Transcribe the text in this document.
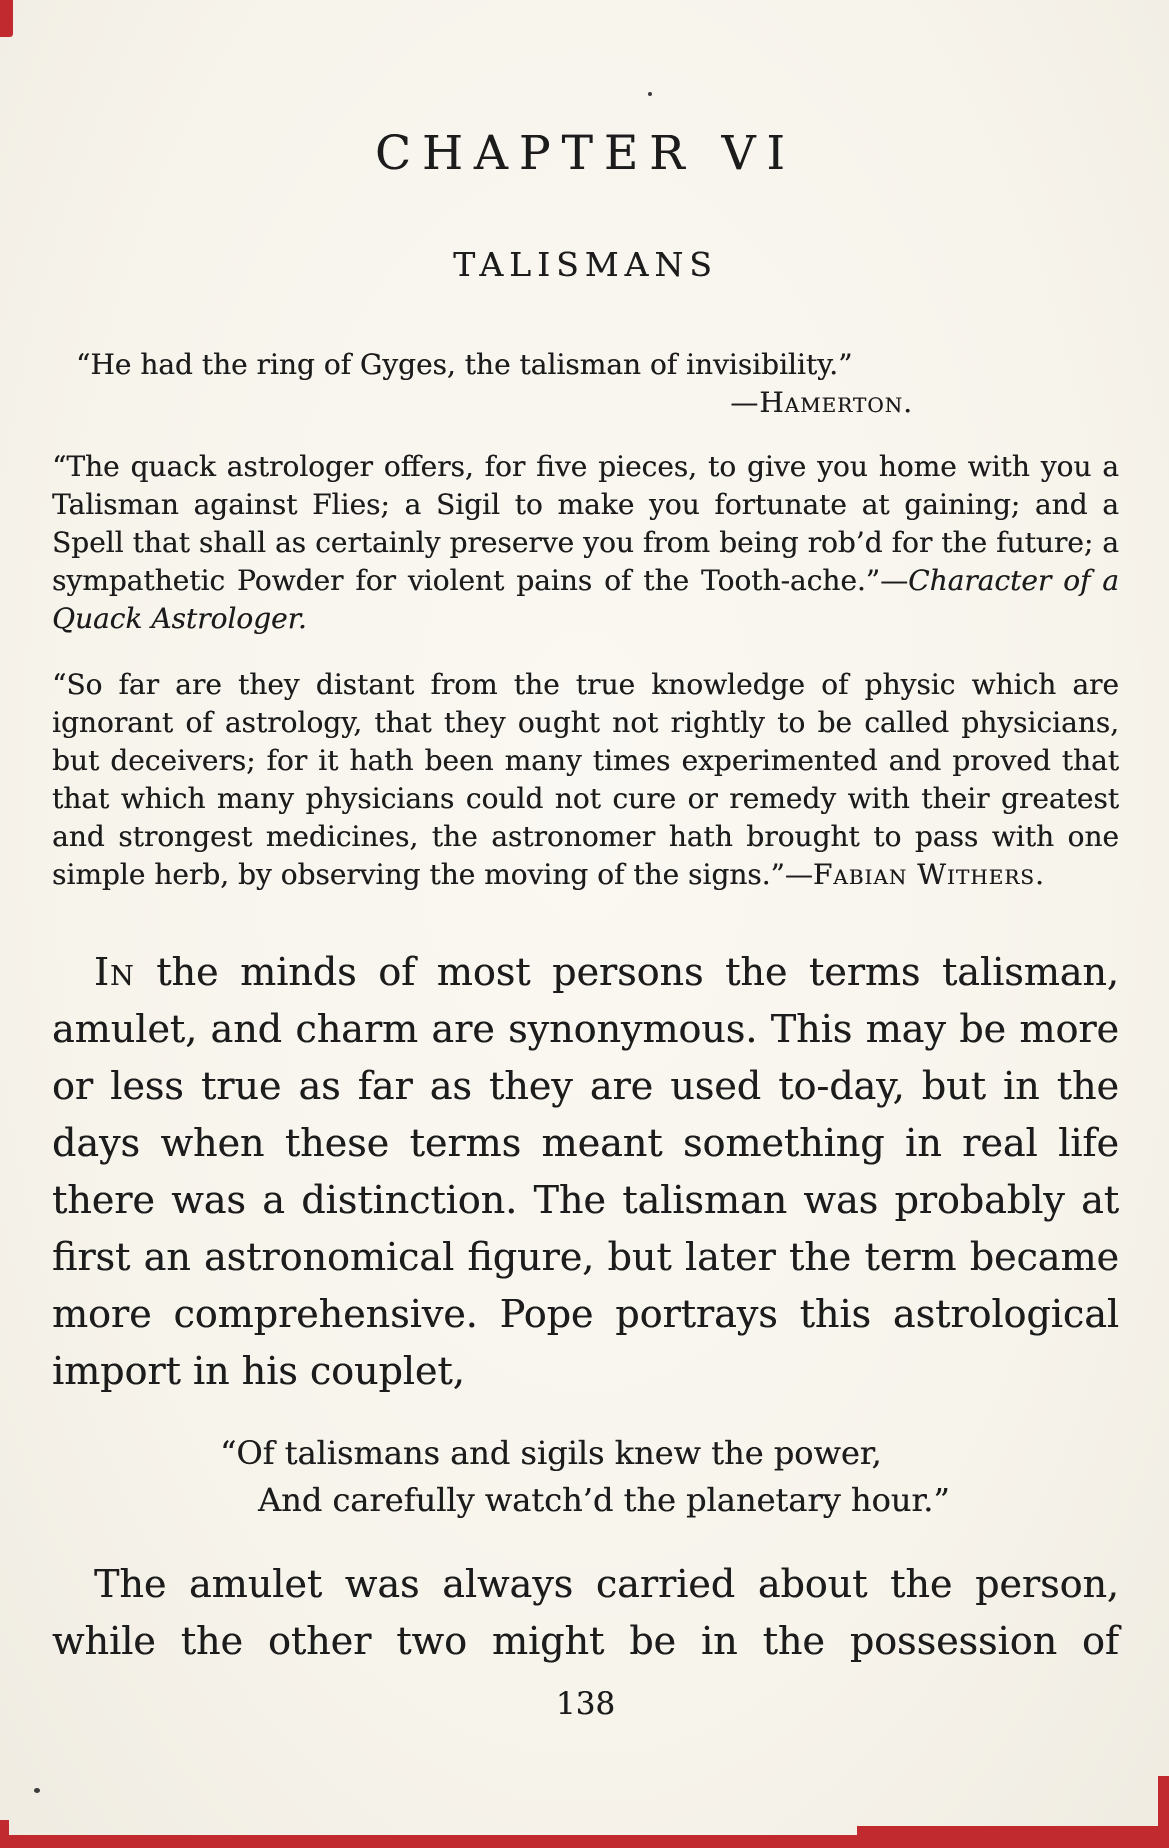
CHAPTER VI
TALISMANS

“He had the ring of Gyges, the talisman of invisibility.”
—Hamerton.

“The quack astrologer offers, for five pieces, to give you home with you a Talisman against Flies; a Sigil to make you fortunate at gaining; and a Spell that shall as certainly preserve you from being rob’d for the future; a sympathetic Powder for violent pains of the Tooth-ache.”—Character of a Quack Astrologer.

“So far are they distant from the true knowledge of physic which are ignorant of astrology, that they ought not rightly to be called physicians, but deceivers; for it hath been many times experimented and proved that that which many physicians could not cure or remedy with their greatest and strongest medicines, the astronomer hath brought to pass with one simple herb, by observing the moving of the signs.”—Fabian Withers.

In the minds of most persons the terms talisman, amulet, and charm are synonymous. This may be more or less true as far as they are used to-day, but in the days when these terms meant something in real life there was a distinction. The talisman was probably at first an astronomical figure, but later the term became more comprehensive. Pope portrays this astrological import in his couplet,

“Of talismans and sigils knew the power,
And carefully watch’d the planetary hour.”

The amulet was always carried about the person, while the other two might be in the possession of

138
